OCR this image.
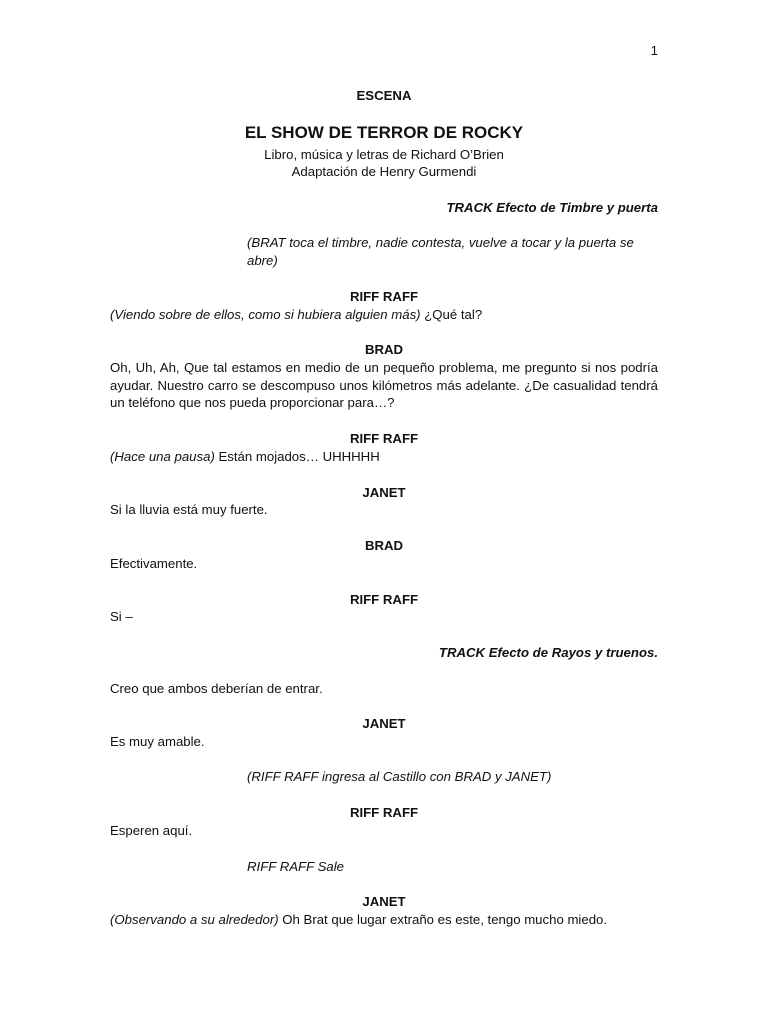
1
ESCENA
EL SHOW DE TERROR DE ROCKY
Libro, música y letras de Richard O’Brien
Adaptación de Henry Gurmendi
TRACK Efecto de Timbre y puerta
(BRAT toca el timbre, nadie contesta, vuelve a tocar y la puerta se abre)
RIFF RAFF
(Viendo sobre de ellos, como si hubiera alguien más) ¿Qué tal?
BRAD
Oh, Uh, Ah, Que tal estamos en medio de un pequeño problema, me pregunto si nos podría ayudar. Nuestro carro se descompuso unos kilómetros más adelante. ¿De casualidad tendrá un teléfono que nos pueda proporcionar para…?
RIFF RAFF
(Hace una pausa) Están mojados… UHHHHH
JANET
Si la lluvia está muy fuerte.
BRAD
Efectivamente.
RIFF RAFF
Si –
TRACK Efecto de Rayos y truenos.
Creo que ambos deberían de entrar.
JANET
Es muy amable.
(RIFF RAFF ingresa al Castillo con BRAD y JANET)
RIFF RAFF
Esperen aquí.
RIFF RAFF Sale
JANET
(Observando a su alrededor) Oh Brat que lugar extraño es este, tengo mucho miedo.
